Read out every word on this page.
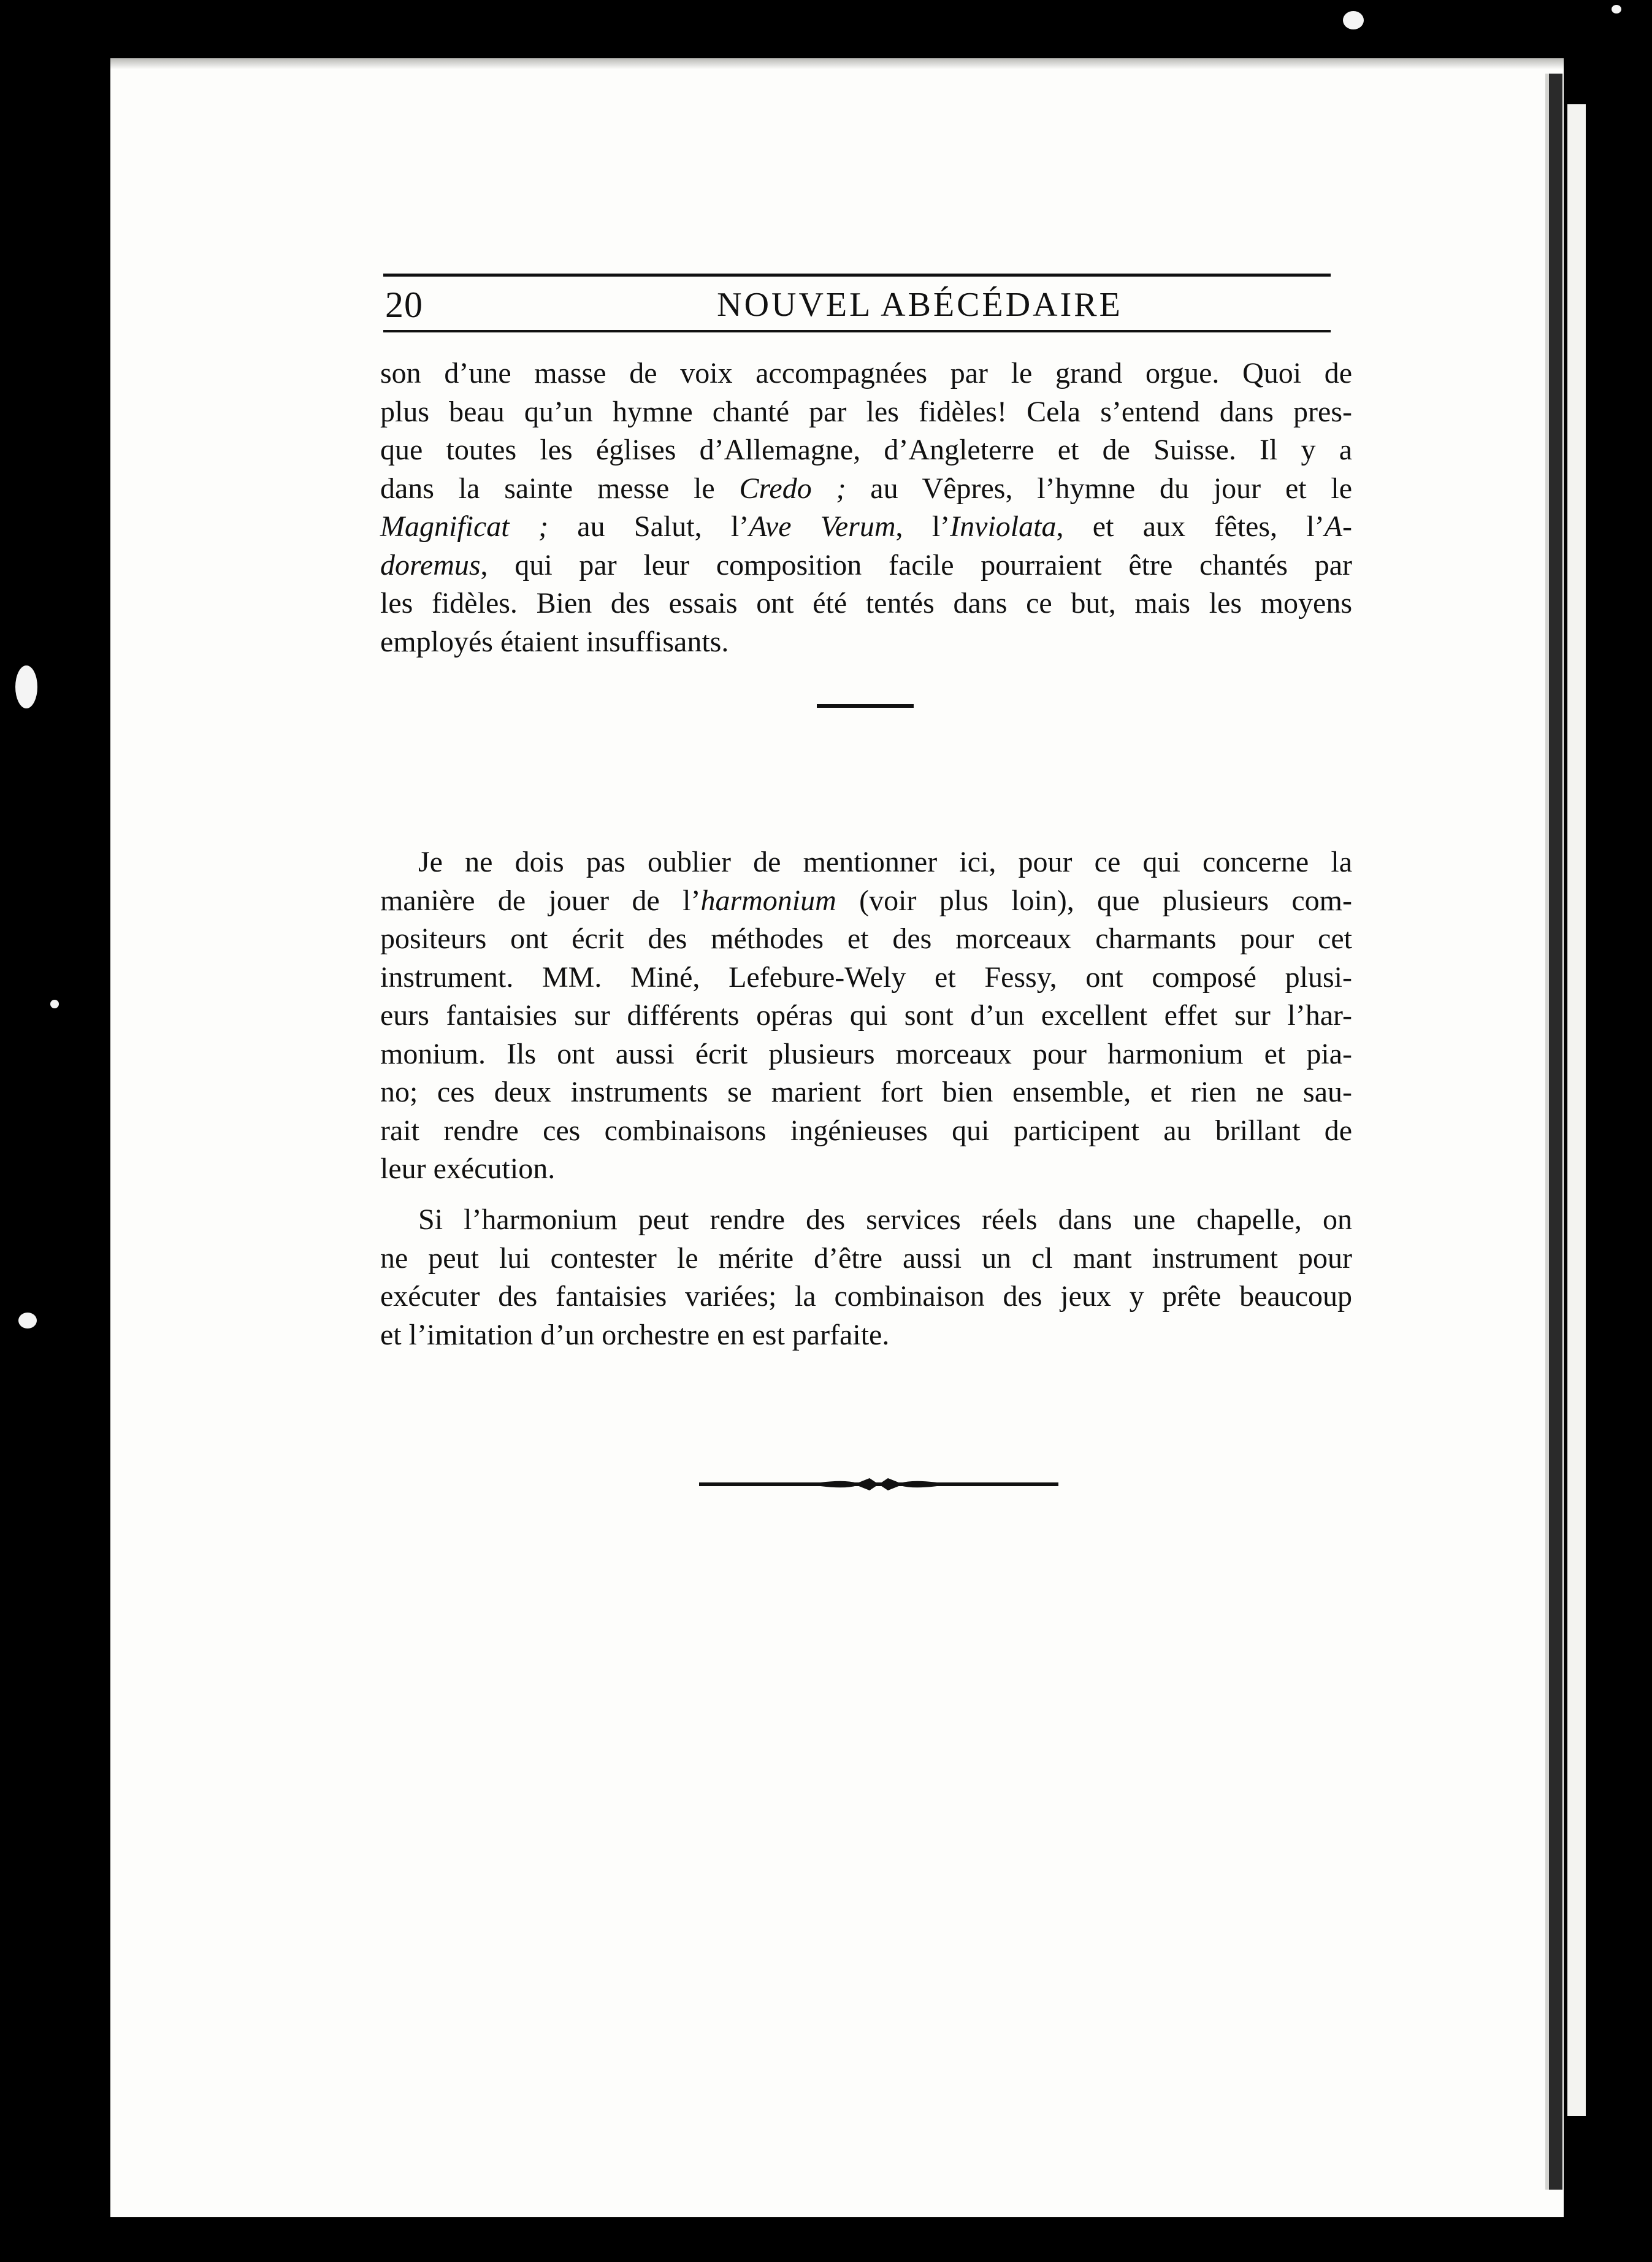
20	NOUVEL ABÉCÉDAIRE
son d’une masse de voix accompagnées par le grand orgue. Quoi de
plus beau qu’un hymne chanté par les fidèles! Cela s’entend dans pres-
que toutes les églises d’Allemagne, d’Angleterre et de Suisse. Il y a
dans la sainte messe le Credo ; au Vêpres, l’hymne du jour et le
Magnificat ; au Salut, l’Ave Verum, l’Inviolata, et aux fêtes, l’A-
doremus, qui par leur composition facile pourraient être chantés par
les fidèles. Bien des essais ont été tentés dans ce but, mais les moyens
employés étaient insuffisants.
Je ne dois pas oublier de mentionner ici, pour ce qui concerne la
manière de jouer de l’harmonium (voir plus loin), que plusieurs com-
positeurs ont écrit des méthodes et des morceaux charmants pour cet
instrument. MM. Miné, Lefebure-Wely et Fessy, ont composé plusi-
eurs fantaisies sur différents opéras qui sont d’un excellent effet sur l’har-
monium. Ils ont aussi écrit plusieurs morceaux pour harmonium et pia-
no; ces deux instruments se marient fort bien ensemble, et rien ne sau-
rait rendre ces combinaisons ingénieuses qui participent au brillant de
leur exécution.
Si l’harmonium peut rendre des services réels dans une chapelle, on
ne peut lui contester le mérite d’être aussi un cl mant instrument pour
exécuter des fantaisies variées; la combinaison des jeux y prête beaucoup
et l’imitation d’un orchestre en est parfaite.
